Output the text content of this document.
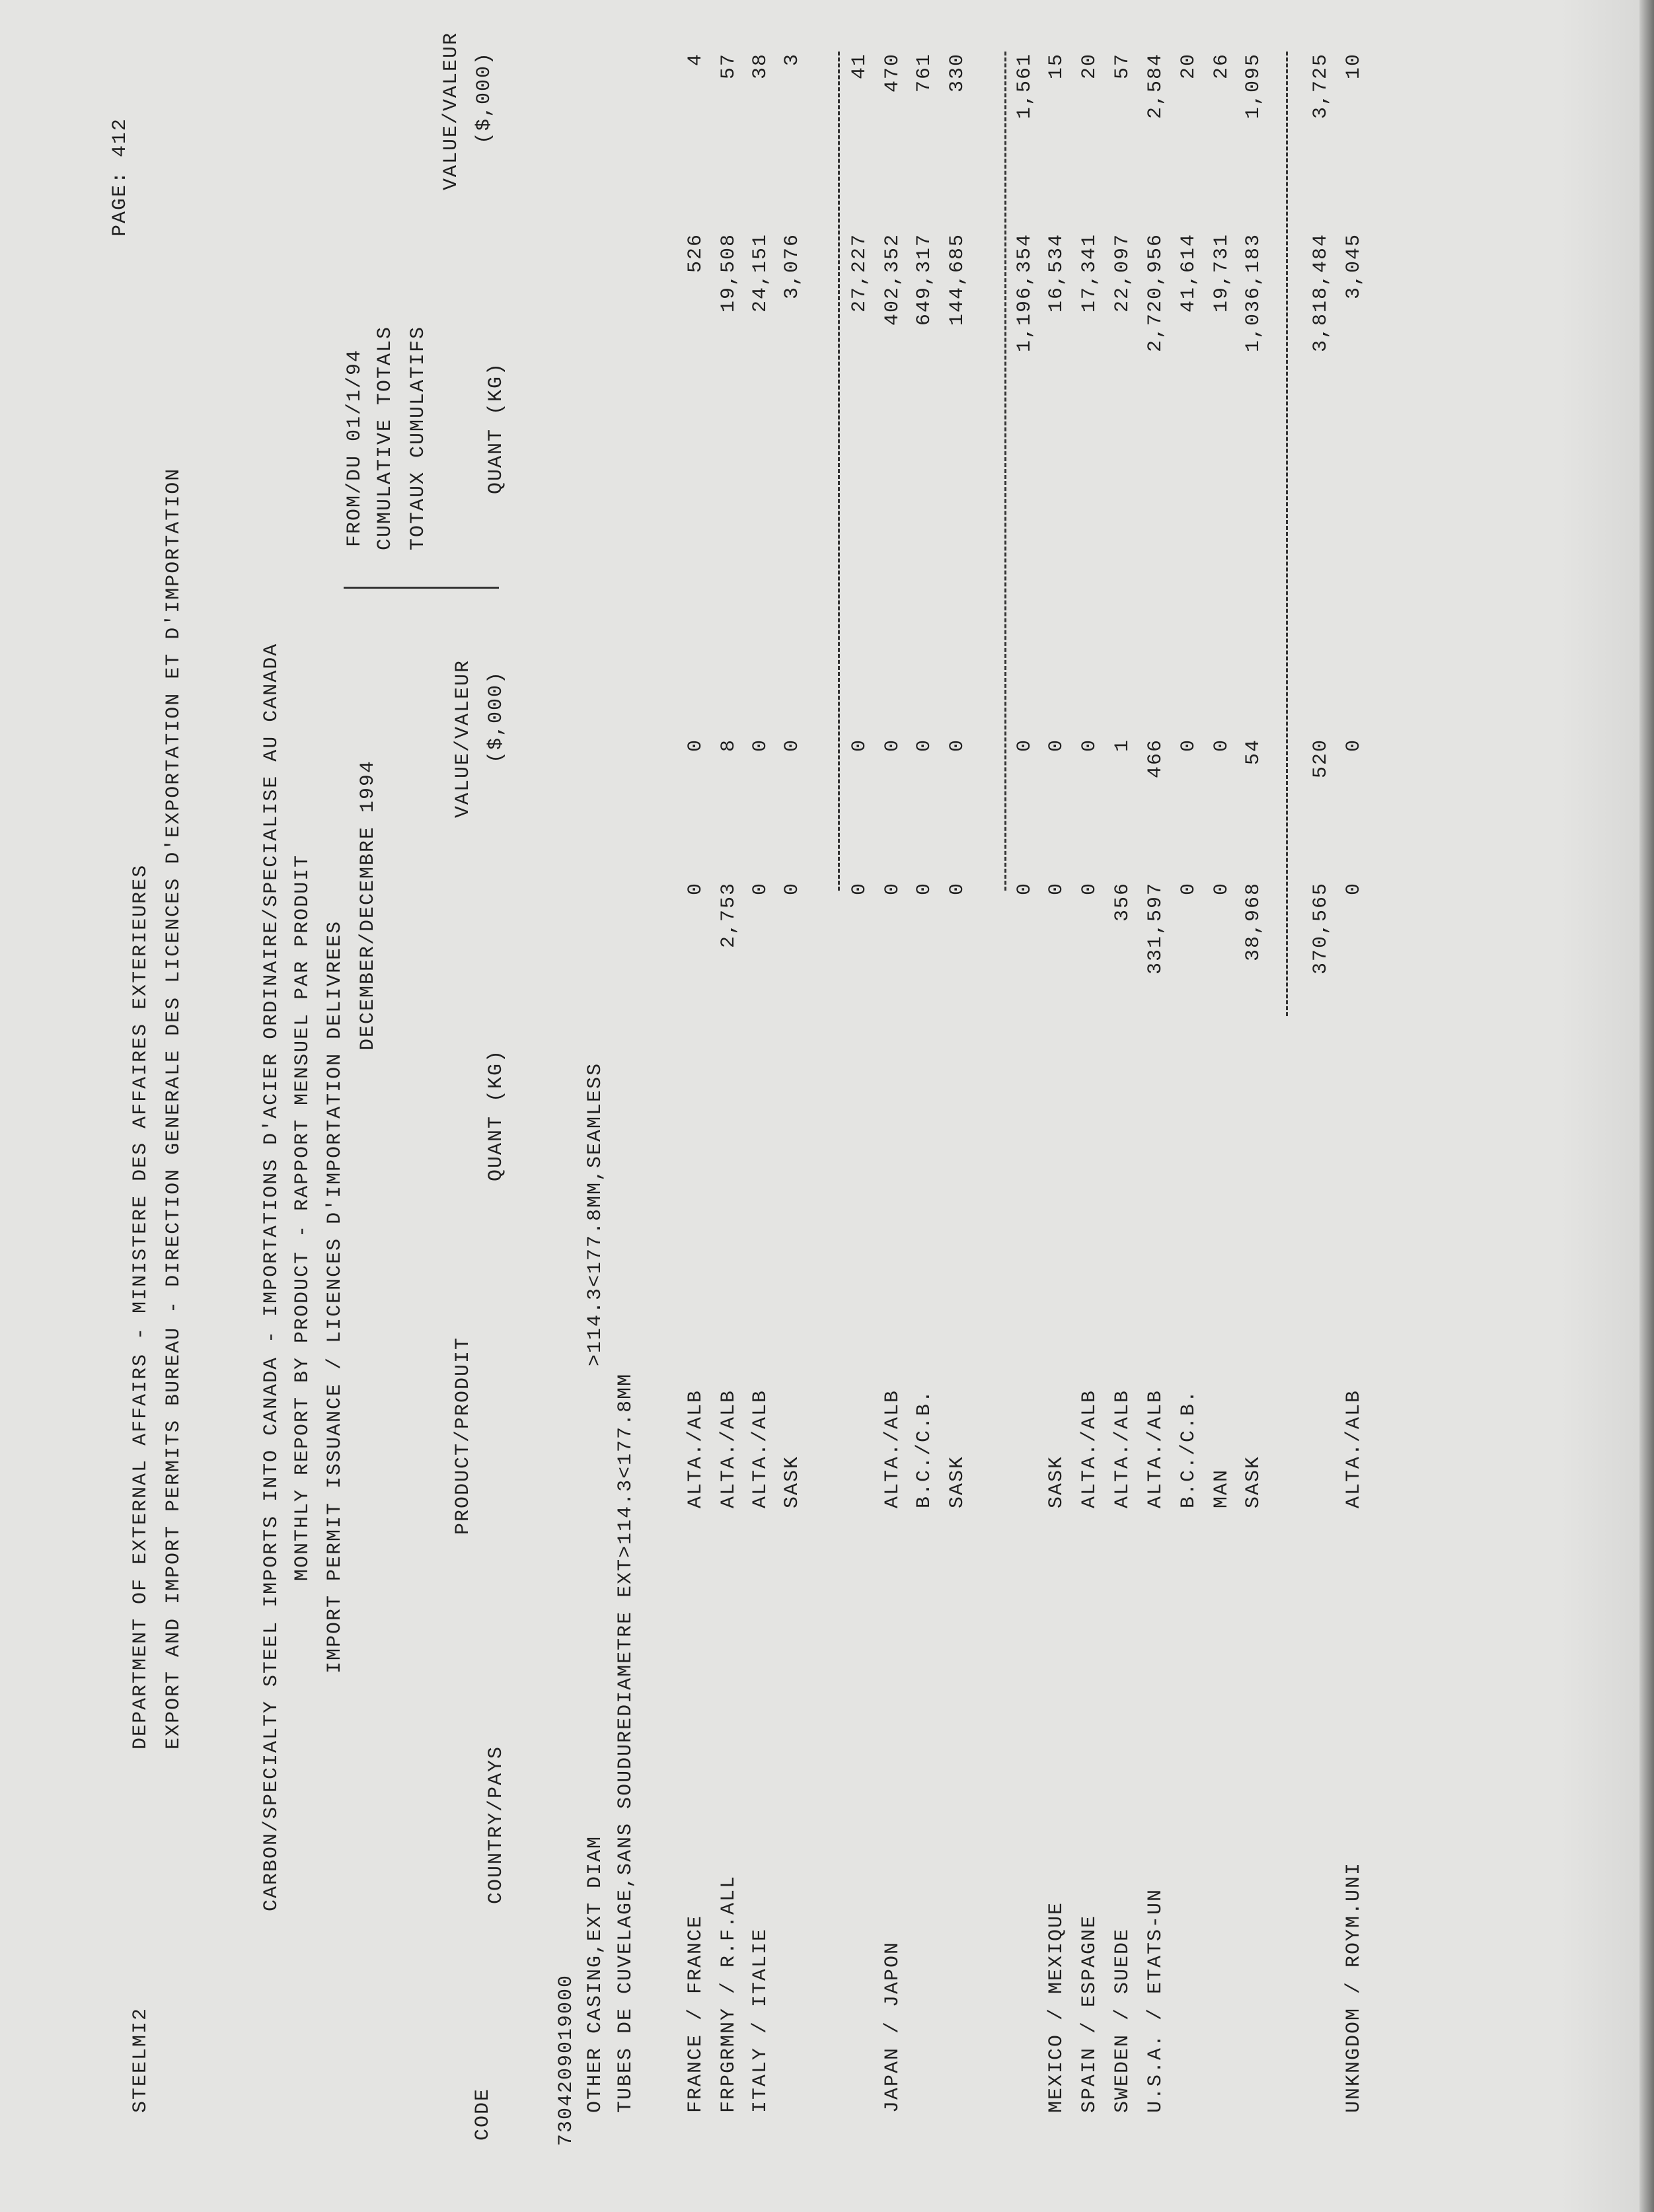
STEELMI2
DEPARTMENT OF EXTERNAL AFFAIRS - MINISTERE DES AFFAIRES EXTERIEURES
PAGE: 412
EXPORT AND IMPORT PERMITS BUREAU - DIRECTION GENERALE DES LICENCES D'EXPORTATION ET D'IMPORTATION	CARBON/SPECIALTY STEEL IMPORTS INTO CANADA - IMPORTATIONS D'ACIER ORDINAIRE/SPECIALISE AU CANADA MONTHLY REPORT BY PRODUCT - RAPPORT MENSUEL PAR PRODUIT IMPORT PERMIT ISSUANCE / LICENCES D'IMPORTATION DELIVREES
DECEMBER/DECEMBRE 1994
FROM/DU 01/1/94 CUMULATIVE TOTALS TOTAUX CUMULATIFS
PRODUCT/PRODUIT
VALUE/VALEUR
VALUE/VALEUR
CODE
COUNTRY/PAYS
QUANT (KG)
($,000)
QUANT (KG)
($,000)
7304209019000 OTHER CASING,EXT DIAM
>114.3<177.8MM,SEAMLESS
TUBES DE CUVELAGE,SANS SOUDUREDIAMETRE EXT>114.3<177.8MM FRANCE / FRANCE
ALTA./ALB
0
0
526
4
FRPGRMNY / R.F.ALL
ALTA./ALB
2,753
8
19,508
57
ITALY / ITALIE
ALTA./ALB
0
0
24,151
38
SASK
0
0
3,076
3
0
0
27,227
41
JAPAN / JAPON
ALTA./ALB
0
0
402,352
470
B.C./C.B.
0
0
649,317
761
SASK
0
0
144,685
330
0
0
1,196,354
1,561
MEXICO / MEXIQUE
SASK
0
0
16,534
15
SPAIN / ESPAGNE
ALTA./ALB
0
0
17,341
20
SWEDEN / SUEDE
ALTA./ALB
356
1
22,097
57
U.S.A. / ETATS-UN
ALTA./ALB
331,597
466
2,720,956
2,584
B.C./C.B.
0
0
41,614
20
MAN
0
0
19,731
26
SASK
38,968
54
1,036,183
1,095
370,565
520
3,818,484
3,725
UNKNGDOM / ROYM.UNI
ALTA./ALB
0
0
3,045
10
